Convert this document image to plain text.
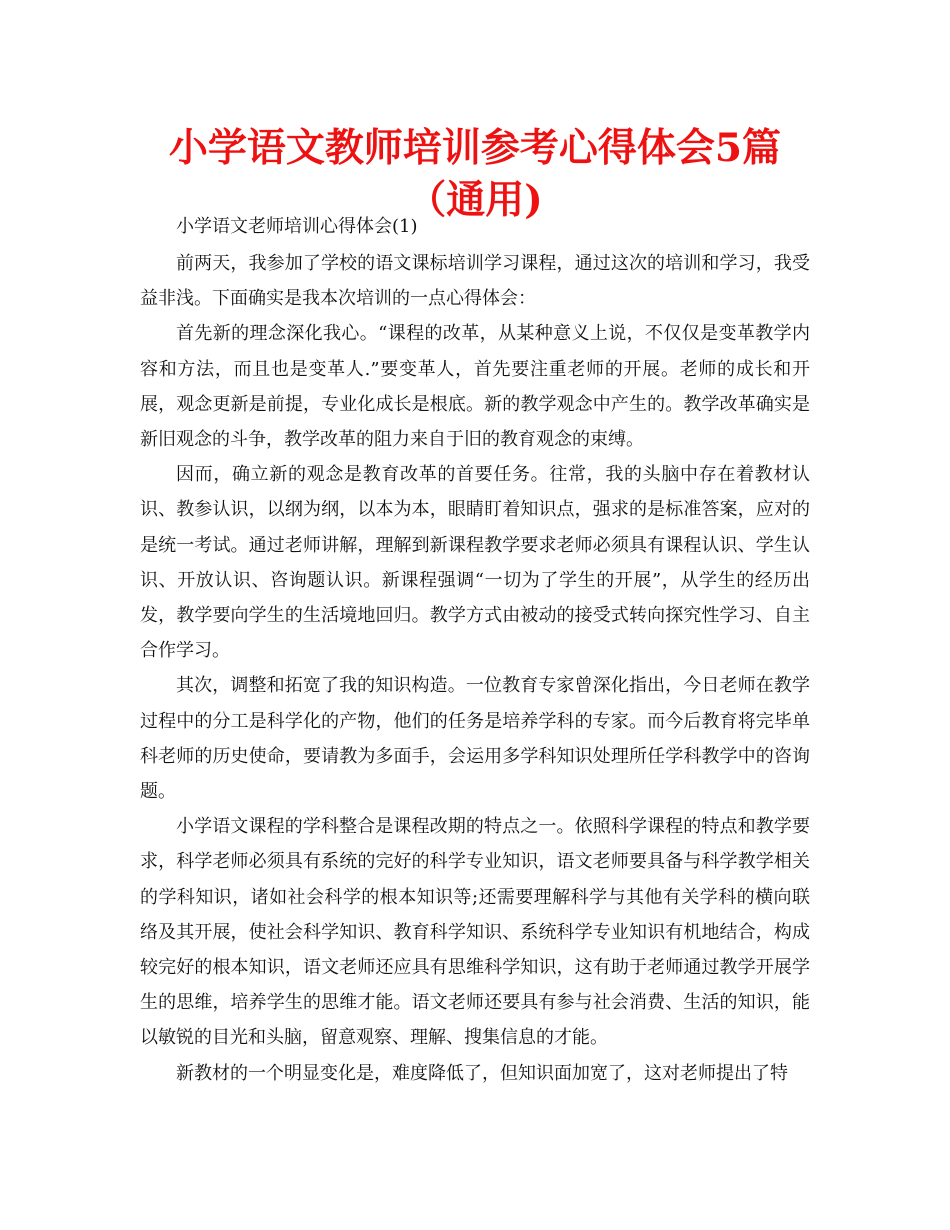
小学语文教师培训参考心得体会5篇（通用)

小学语文老师培训心得体会(1)

前两天，我参加了学校的语文课标培训学习课程，通过这次的培训和学习，我受益非浅。下面确实是我本次培训的一点心得体会：

首先新的理念深化我心。“课程的改革，从某种意义上说，不仅仅是变革教学内容和方法，而且也是变革人.”要变革人，首先要注重老师的开展。老师的成长和开展，观念更新是前提，专业化成长是根底。新的教学观念中产生的。教学改革确实是新旧观念的斗争，教学改革的阻力来自于旧的教育观念的束缚。

因而，确立新的观念是教育改革的首要任务。往常，我的头脑中存在着教材认识、教参认识，以纲为纲，以本为本，眼睛盯着知识点，强求的是标准答案，应对的是统一考试。通过老师讲解，理解到新课程教学要求老师必须具有课程认识、学生认识、开放认识、咨询题认识。新课程强调“一切为了学生的开展”，从学生的经历出发，教学要向学生的生活境地回归。教学方式由被动的接受式转向探究性学习、自主合作学习。

其次，调整和拓宽了我的知识构造。一位教育专家曾深化指出，今日老师在教学过程中的分工是科学化的产物，他们的任务是培养学科的专家。而今后教育将完毕单科老师的历史使命，要请教为多面手，会运用多学科知识处理所任学科教学中的咨询题。

小学语文课程的学科整合是课程改期的特点之一。依照科学课程的特点和教学要求，科学老师必须具有系统的完好的科学专业知识，语文老师要具备与科学教学相关的学科知识，诸如社会科学的根本知识等;还需要理解科学与其他有关学科的横向联络及其开展，使社会科学知识、教育科学知识、系统科学专业知识有机地结合，构成较完好的根本知识，语文老师还应具有思维科学知识，这有助于老师通过教学开展学生的思维，培养学生的思维才能。语文老师还要具有参与社会消费、生活的知识，能以敏锐的目光和头脑，留意观察、理解、搜集信息的才能。

新教材的一个明显变化是，难度降低了，但知识面加宽了，这对老师提出了特
